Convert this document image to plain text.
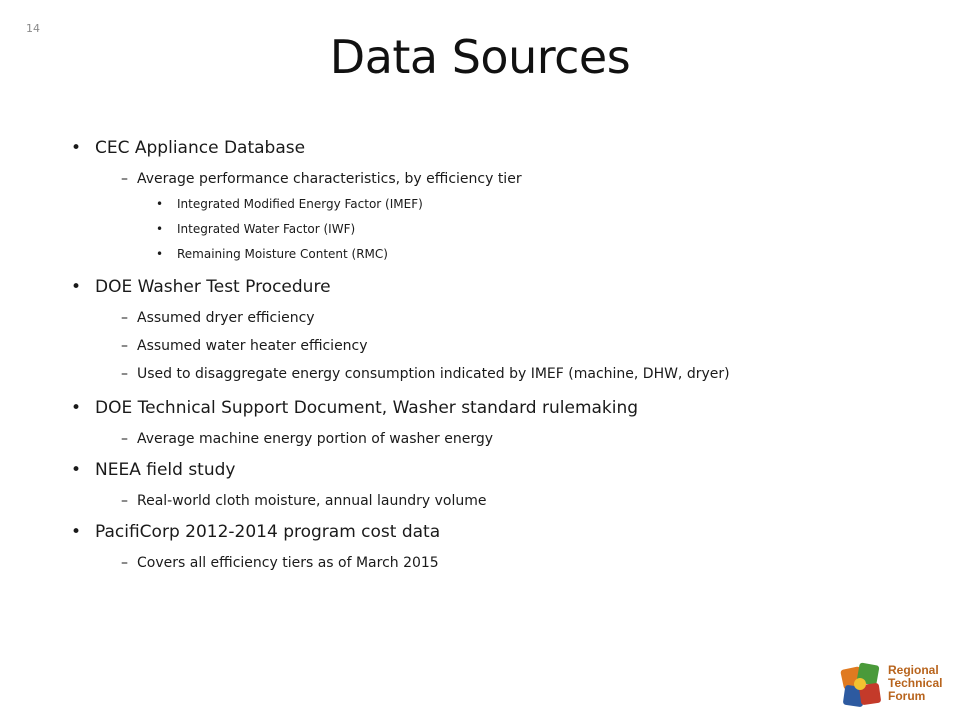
14
Data Sources
• CEC Appliance Database
– Average performance characteristics, by efficiency tier
• Integrated Modified Energy Factor (IMEF)
• Integrated Water Factor (IWF)
• Remaining Moisture Content (RMC)
• DOE Washer Test Procedure
– Assumed dryer efficiency
– Assumed water heater efficiency
– Used to disaggregate energy consumption indicated by IMEF (machine, DHW, dryer)
• DOE Technical Support Document, Washer standard rulemaking
– Average machine energy portion of washer energy
• NEEA field study
– Real-world cloth moisture, annual laundry volume
• PacifiCorp 2012-2014 program cost data
– Covers all efficiency tiers as of March 2015
Regional
Technical
Forum
